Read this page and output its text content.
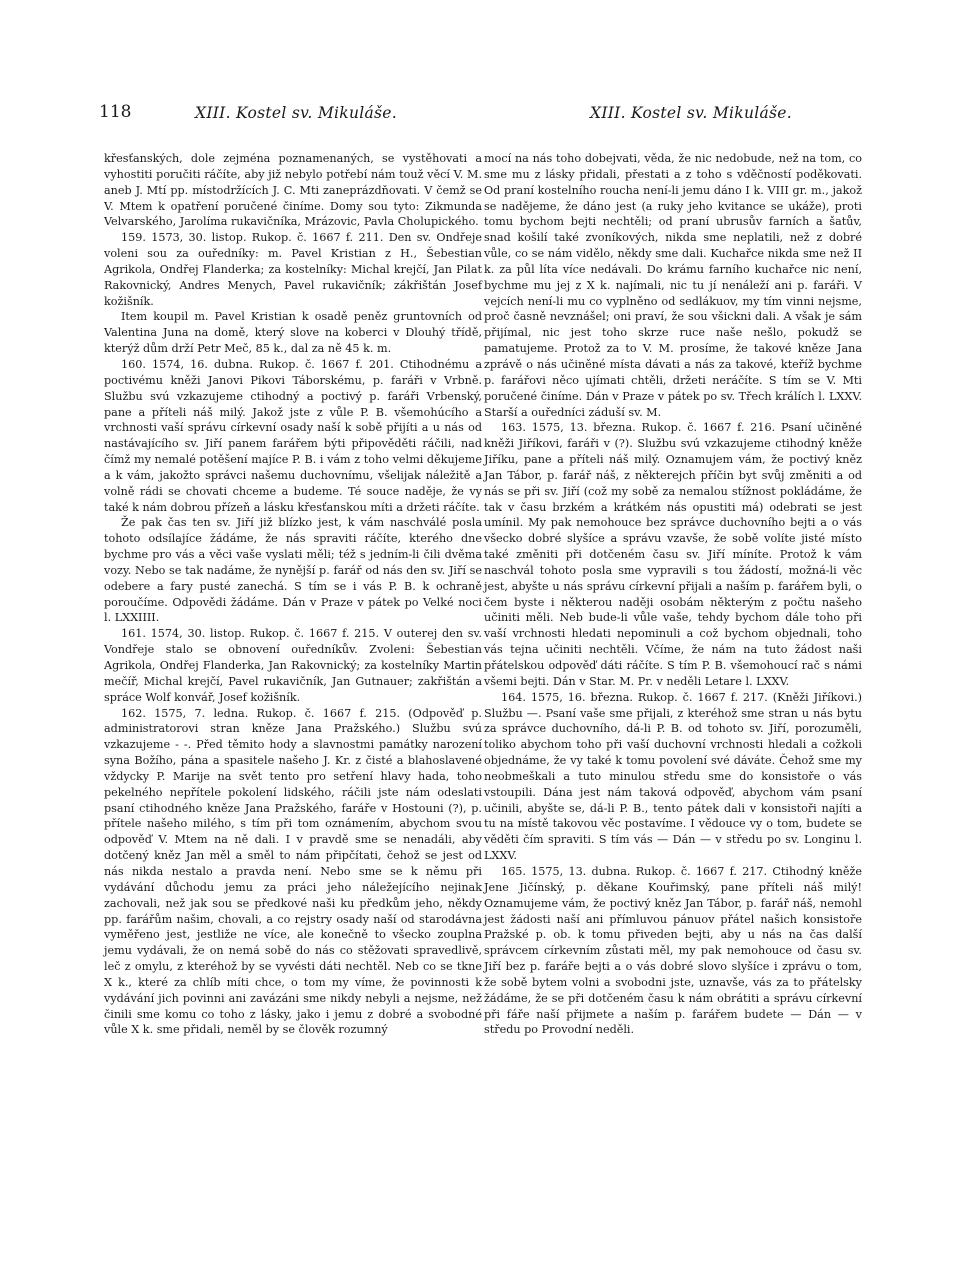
118	XIII. Kostel sv. Mikuláše.	XIII. Kostel sv. Mikuláše.

křesťanských, dole zejména poznamenaných, se vystěhovati a vyhostiti poručiti ráčíte, aby již nebylo potřebí nám touž věcí V. M. aneb J. Mtí pp. místodržících J. C. Mti zaneprázdňovati. V čemž se V. Mtem k opatření poručené činíme. Domy sou tyto: Zikmunda Velvarského, Jarolíma rukavičníka, Mrázovic, Pavla Cholupického.

159. 1573, 30. listop. Rukop. č. 1667 f. 211. Den sv. Ondřeje voleni sou za ouředníky: m. Pavel Kristian z H., Šebestian Agrikola, Ondřej Flanderka; za kostelníky: Michal krejčí, Jan Pilat Rakovnický, Andres Menych, Pavel rukavičník; zákřištán Josef kožišník.

Item koupil m. Pavel Kristian k osadě peněz gruntovních od Valentina Juna na domě, který slove na koberci v Dlouhý třídě, kterýž dům drží Petr Meč, 85 k., dal za ně 45 k. m.

160. 1574, 16. dubna. Rukop. č. 1667 f. 201. Ctihodnému a poctivému kněži Janovi Pikovi Táborskému, p. faráři v Vrbně. Službu svú vzkazujeme ctihodný a poctivý p. faráři Vrbenský, pane a příteli náš milý. Jakož jste z vůle P. B. všemohúcího a vrchnosti vaší správu církevní osady naší k sobě přijíti a u nás od nastávajícího sv. Jiří panem farářem býti připověděti ráčili, nad čímž my nemalé potěšení majíce P. B. i vám z toho velmi děkujeme a k vám, jakožto správci našemu duchovnímu, všelijak náležitě a volně rádi se chovati chceme a budeme. Té souce naděje, že vy také k nám dobrou přízeň a lásku křesťanskou míti a držeti ráčíte.

Že pak čas ten sv. Jiří již blízko jest, k vám naschválé posla tohoto odsílajíce žádáme, že nás spraviti ráčíte, kterého dne bychme pro vás a věci vaše vyslati měli; též s jedním-li čili dvěma vozy. Nebo se tak nadáme, že nynější p. farář od nás den sv. Jiří se odebere a fary pusté zanechá. S tím se i vás P. B. k ochraně poroučíme. Odpovědi žádáme. Dán v Praze v pátek po Velké noci l. LXXIIII.

161. 1574, 30. listop. Rukop. č. 1667 f. 215. V outerej den sv. Vondřeje stalo se obnovení ouředníkův. Zvoleni: Šebestian Agrikola, Ondřej Flanderka, Jan Rakovnický; za kostelníky Martin mečíř, Michal krejčí, Pavel rukavičník, Jan Gutnauer; zakřištán a spráce Wolf konvář, Josef kožišník.

162. 1575, 7. ledna. Rukop. č. 1667 f. 215. (Odpověď p. administratorovi stran kněze Jana Pražského.) Službu svú vzkazujeme - -. Před těmito hody a slavnostmi památky narození syna Božího, pána a spasitele našeho J. Kr. z čisté a blahoslavené vždycky P. Marije na svět tento pro setření hlavy hada, toho pekelného nepřítele pokolení lidského, ráčili jste nám odeslati psaní ctihodného kněze Jana Pražského, faráře v Hostouni (?), p. přítele našeho milého, s tím při tom oznámením, abychom svou odpověď V. Mtem na ně dali. I v pravdě sme se nenadáli, aby dotčený kněz Jan měl a směl to nám připčítati, čehož se jest od nás nikda nestalo a pravda není. Nebo sme se k němu při vydávání důchodu jemu za práci jeho náležejícího nejinak zachovali, než jak sou se předkové naši ku předkům jeho, někdy pp. farářům našim, chovali, a co rejstry osady naší od starodávna vyměřeno jest, jestliže ne více, ale konečně to všecko zouplna jemu vydávali, že on nemá sobě do nás co stěžovati spravedlivě, leč z omylu, z kteréhož by se vyvésti dáti nechtěl. Neb co se tkne X k., které za chlíb míti chce, o tom my víme, že povinnosti k vydávání jich povinni ani zavázáni sme nikdy nebyli a nejsme, než činili sme komu co toho z lásky, jako i jemu z dobré a svobodné vůle X k. sme přidali, neměl by se člověk rozumný

mocí na nás toho dobejvati, věda, že nic nedobude, než na tom, co sme mu z lásky přidali, přestati a z toho s vděčností poděkovati. Od praní kostelního roucha není-li jemu dáno I k. VIII gr. m., jakož se nadějeme, že dáno jest (a ruky jeho kvitance se ukáže), proti tomu bychom bejti nechtěli; od praní ubrusův farních a šatův, snad košilí také zvoníkových, nikda sme neplatili, než z dobré vůle, co se nám vidělo, někdy sme dali. Kuchařce nikda sme než II k. za půl líta více nedávali. Do krámu farního kuchařce nic není, bychme mu jej z X k. najímali, nic tu jí nenáleží ani p. faráři. V vejcích není-li mu co vyplněno od sedlákuov, my tím vinni nejsme, proč časně nevznášel; oni praví, že sou všickni dali. A však je sám přijímal, nic jest toho skrze ruce naše nešlo, pokudž se pamatujeme. Protož za to V. M. prosíme, že takové kněze Jana zprávě o nás učiněné místa dávati a nás za takové, kteříž bychme p. farářovi něco ujímati chtěli, držeti neráčíte. S tím se V. Mti poručené činíme. Dán v Praze v pátek po sv. Třech králích l. LXXV. Starší a ouředníci záduší sv. M.

163. 1575, 13. března. Rukop. č. 1667 f. 216. Psaní učiněné kněži Jiříkovi, faráři v (?). Službu svú vzkazujeme ctihodný kněže Jiříku, pane a příteli náš milý. Oznamujem vám, že poctivý kněz Jan Tábor, p. farář náš, z některejch příčin byt svůj změniti a od nás se při sv. Jiří (což my sobě za nemalou stížnost pokládáme, že tak v času brzkém a krátkém nás opustiti má) odebrati se jest umínil. My pak nemohouce bez správce duchovního bejti a o vás všecko dobré slyšíce a správu vzavše, že sobě volíte jisté místo také změniti při dotčeném času sv. Jiří míníte. Protož k vám naschvál tohoto posla sme vypravili s tou žádostí, možná-li věc jest, abyšte u nás správu církevní přijali a naším p. farářem byli, o čem byste i některou naději osobám některým z počtu našeho učiniti měli. Neb bude-li vůle vaše, tehdy bychom dále toho při vaší vrchnosti hledati nepominuli a což bychom objednali, toho vás tejna učiniti nechtěli. Včíme, že nám na tuto žádost naši přátelskou odpověď dáti ráčíte. S tím P. B. všemohoucí rač s námi všemi bejti. Dán v Star. M. Pr. v neděli Letare l. LXXV.

164. 1575, 16. března. Rukop. č. 1667 f. 217. (Kněži Jiříkovi.) Službu —. Psaní vaše sme přijali, z kteréhož sme stran u nás bytu za správce duchovního, dá-li P. B. od tohoto sv. Jiří, porozuměli, toliko abychom toho při vaší duchovní vrchnosti hledali a cožkoli objednáme, že vy také k tomu povolení své dáváte. Čehož sme my neobmeškali a tuto minulou středu sme do konsistoře o vás vstoupili. Dána jest nám taková odpověď, abychom vám psaní učinili, abyšte se, dá-li P. B., tento pátek dali v konsistoři najíti a tu na místě takovou věc postavíme. I vědouce vy o tom, budete se věděti čím spraviti. S tím vás — Dán — v středu po sv. Longinu l. LXXV.

165. 1575, 13. dubna. Rukop. č. 1667 f. 217. Ctihodný kněže Jene Jičínský, p. děkane Kouřimský, pane příteli náš milý! Oznamujeme vám, že poctivý kněz Jan Tábor, p. farář náš, nemohl jest žádosti naší ani přímluvou pánuov přátel našich konsistoře Pražské p. ob. k tomu přiveden bejti, aby u nás na čas další správcem církevním zůstati měl, my pak nemohouce od času sv. Jiří bez p. faráře bejti a o vás dobré slovo slyšíce i zprávu o tom, že sobě bytem volni a svobodni jste, uznavše, vás za to přátelsky žádáme, že se při dotčeném času k nám obrátiti a správu církevní při fáře naší přijmete a naším p. farářem budete — Dán — v středu po Provodní neděli.
